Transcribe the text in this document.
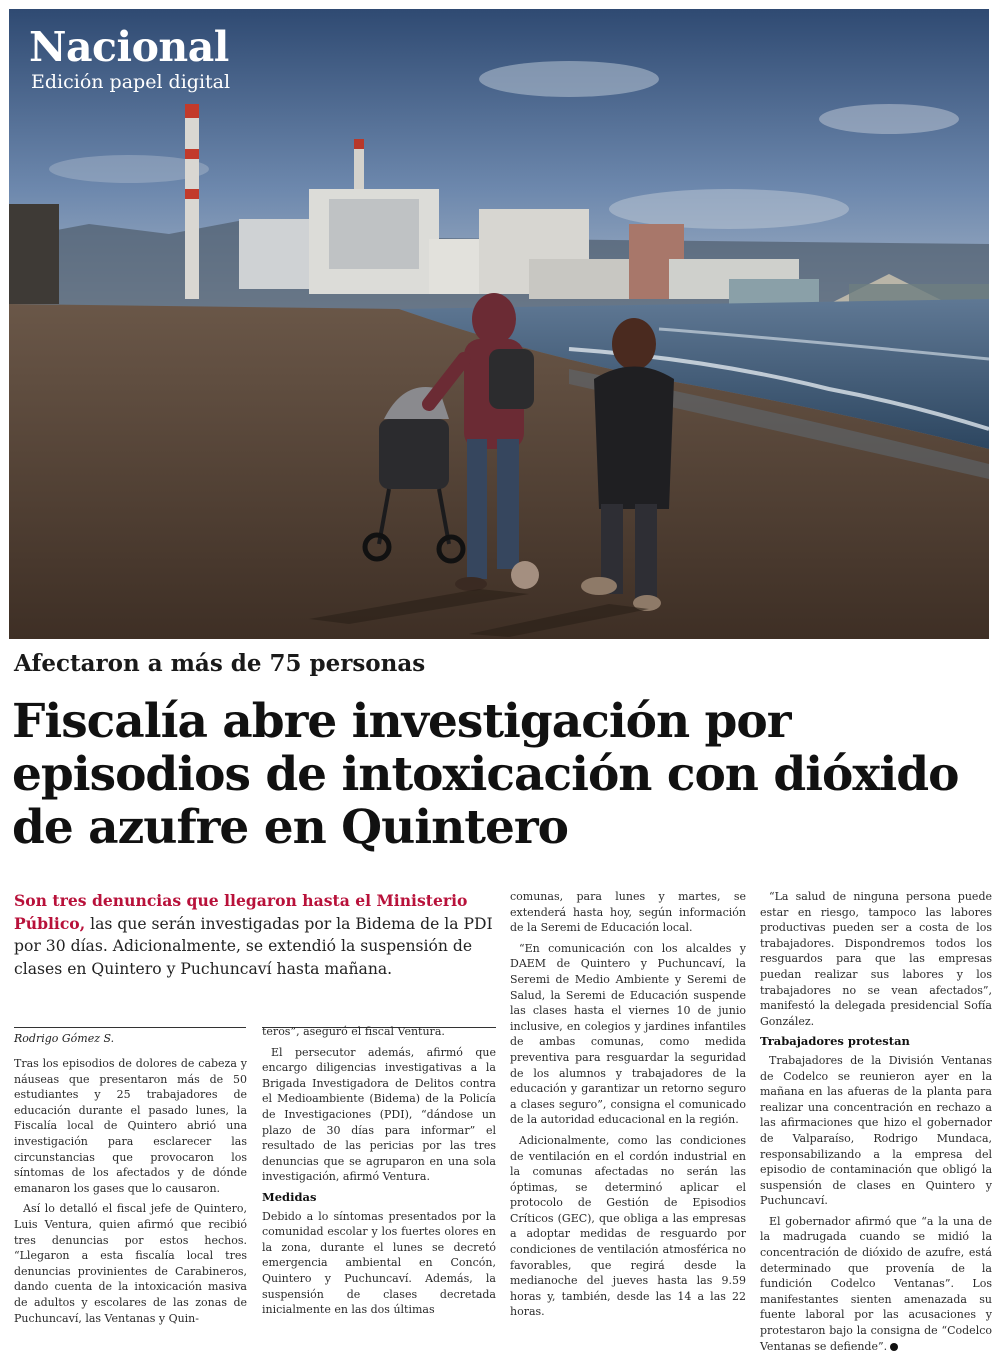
Nacional
Edición papel digital
Afectaron a más de 75 personas
Fiscalía abre investigación por episodios de intoxicación con dióxido de azufre en Quintero
Son tres denuncias que llegaron hasta el Ministerio Público, las que serán investigadas por la Bidema de la PDI por 30 días. Adicionalmente, se extendió la suspensión de clases en Quintero y Puchuncaví hasta mañana.
Rodrigo Gómez S.

Tras los episodios de dolores de cabeza y náuseas que presentaron más de 50 estudiantes y 25 trabajadores de educación durante el pasado lunes, la Fiscalía local de Quintero abrió una investigación para esclarecer las circunstancias que provocaron los síntomas de los afectados y de dónde emanaron los gases que lo causaron.

Así lo detalló el fiscal jefe de Quintero, Luis Ventura, quien afirmó que recibió tres denuncias por estos hechos. “Llegaron a esta fiscalía local tres denuncias provinientes de Carabineros, dando cuenta de la intoxicación masiva de adultos y escolares de las zonas de Puchuncaví, las Ventanas y Quin-

teros”, aseguró el fiscal Ventura.

El persecutor además, afirmó que encargo diligencias investigativas a la Brigada Investigadora de Delitos contra el Medioambiente (Bidema) de la Policía de Investigaciones (PDI), “dándose un plazo de 30 días para informar” el resultado de las pericias por las tres denuncias que se agruparon en una sola investigación, afirmó Ventura.

Medidas

Debido a lo síntomas presentados por la comunidad escolar y los fuertes olores en la zona, durante el lunes se decretó emergencia ambiental en Concón, Quintero y Puchuncaví. Además, la suspensión de clases decretada inicialmente en las dos últimas

comunas, para lunes y martes, se extenderá hasta hoy, según información de la Seremi de Educación local.

“En comunicación con los alcaldes y DAEM de Quintero y Puchuncaví, la Seremi de Medio Ambiente y Seremi de Salud, la Seremi de Educación suspende las clases hasta el viernes 10 de junio inclusive, en colegios y jardines infantiles de ambas comunas, como medida preventiva para resguardar la seguridad de los alumnos y trabajadores de la educación y garantizar un retorno seguro a clases seguro”, consigna el comunicado de la autoridad educacional en la región.

Adicionalmente, como las condiciones de ventilación en el cordón industrial en la comunas afectadas no serán las óptimas, se determinó aplicar el protocolo de Gestión de Episodios Críticos (GEC), que obliga a las empresas a adoptar medidas de resguardo por condiciones de ventilación atmosférica no favorables, que regirá desde la medianoche del jueves hasta las 9.59 horas y, también, desde las 14 a las 22 horas.

“La salud de ninguna persona puede estar en riesgo, tampoco las labores productivas pueden ser a costa de los trabajadores. Dispondremos todos los resguardos para que las empresas puedan realizar sus labores y los trabajadores no se vean afectados”, manifestó la delegada presidencial Sofía González.

Trabajadores protestan

Trabajadores de la División Ventanas de Codelco se reunieron ayer en la mañana en las afueras de la planta para realizar una concentración en rechazo a las afirmaciones que hizo el gobernador de Valparaíso, Rodrigo Mundaca, responsabilizando a la empresa del episodio de contaminación que obligó la suspensión de clases en Quintero y Puchuncaví.

El gobernador afirmó que “a la una de la madrugada cuando se midió la concentración de dióxido de azufre, está determinado que provenía de la fundición Codelco Ventanas”. Los manifestantes sienten amenazada su fuente laboral por las acusaciones y protestaron bajo la consigna de “Codelco Ventanas se defiende”.
